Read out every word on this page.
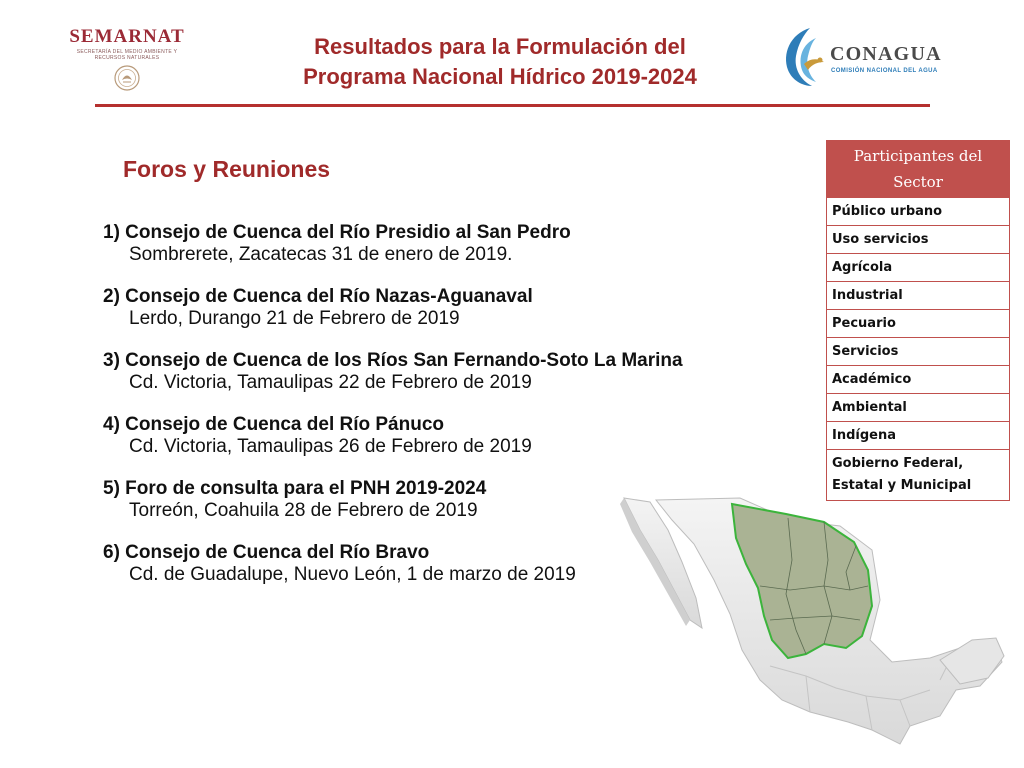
SEMARNAT
SECRETARÍA DEL MEDIO AMBIENTE Y RECURSOS NATURALES	Resultados para la Formulación del
Programa Nacional Hídrico 2019-2024
CONAGUA
COMISIÓN NACIONAL DEL AGUA
Foros y Reuniones
1) Consejo de Cuenca del Río Presidio al San Pedro
Sombrerete, Zacatecas 31 de enero de 2019.
2) Consejo de Cuenca del Río Nazas-Aguanaval
Lerdo, Durango 21 de Febrero de 2019
3) Consejo de Cuenca de los Ríos San Fernando-Soto La Marina
Cd. Victoria, Tamaulipas 22 de Febrero de 2019
4) Consejo de Cuenca del Río Pánuco
Cd. Victoria, Tamaulipas 26 de Febrero de 2019
5) Foro de consulta para el PNH 2019-2024
Torreón, Coahuila 28 de Febrero de 2019
6) Consejo de Cuenca del Río Bravo
Cd. de Guadalupe, Nuevo León, 1 de marzo de 2019
Participantes del
Sector

Público urbano
Uso servicios
Agrícola
Industrial
Pecuario
Servicios
Académico
Ambiental
Indígena

Gobierno Federal,
Estatal y Municipal
